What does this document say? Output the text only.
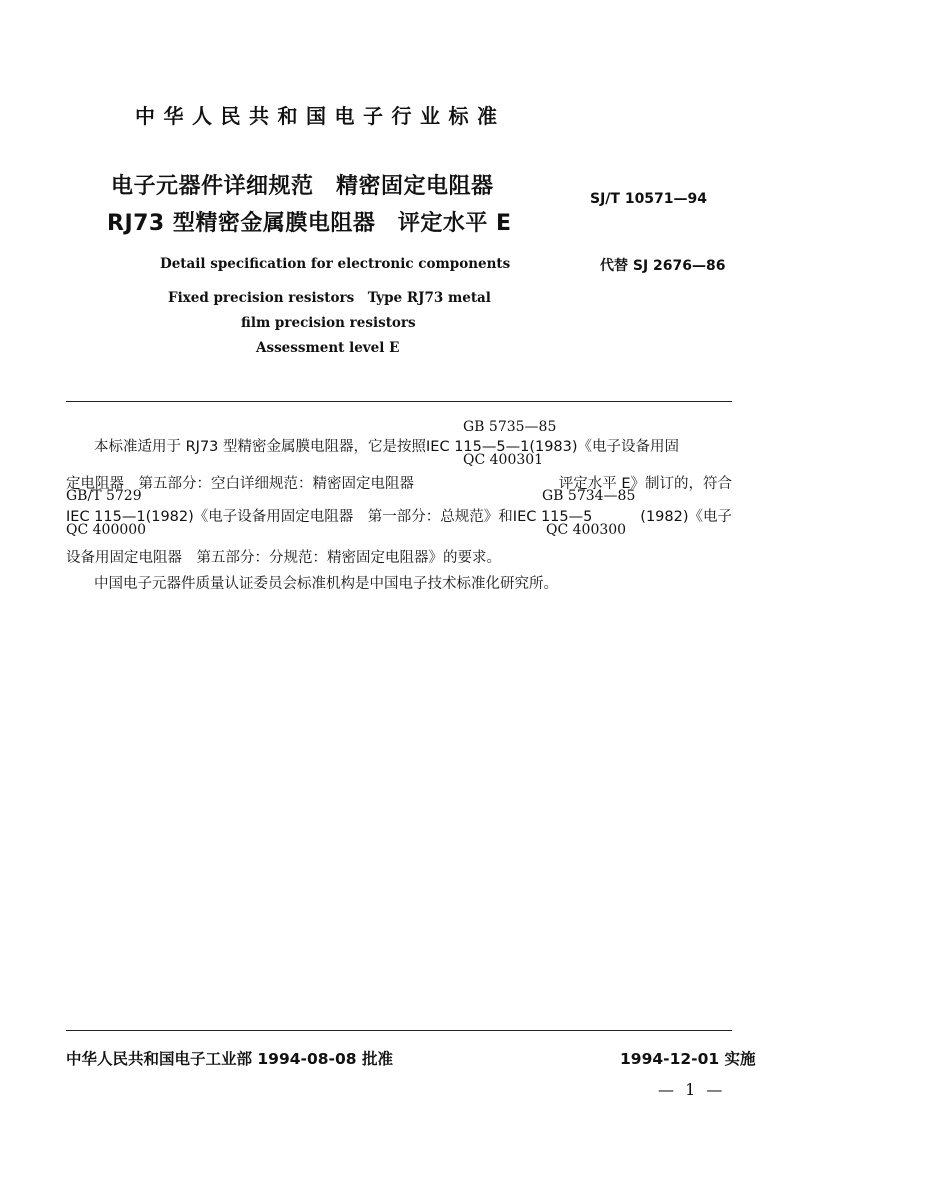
中华人民共和国电子行业标准
电子元器件详细规范　精密固定电阻器
RJ73 型精密金属膜电阻器　评定水平 E
SJ/T 10571—94
代替 SJ 2676—86
Detail specification for electronic components
Fixed precision resistors　Type RJ73 metal
film precision resistors
Assessment level E
GB 5735—85
本标准适用于 RJ73 型精密金属膜电阻器，它是按照IEC 115—5—1(1983)《电子设备用固
QC 400301
定电阻器　第五部分：空白详细规范：精密固定电阻器	评定水平 E》制订的，符合
GB/T 5729	GB 5734—85
IEC 115—1(1982)《电子设备用固定电阻器　第一部分：总规范》和IEC 115—5	(1982)《电子
QC 400000	QC 400300
设备用固定电阻器　第五部分：分规范：精密固定电阻器》的要求。
中国电子元器件质量认证委员会标准机构是中国电子技术标准化研究所。
中华人民共和国电子工业部 1994-08-08 批准	1994-12-01 实施
— 1 —
